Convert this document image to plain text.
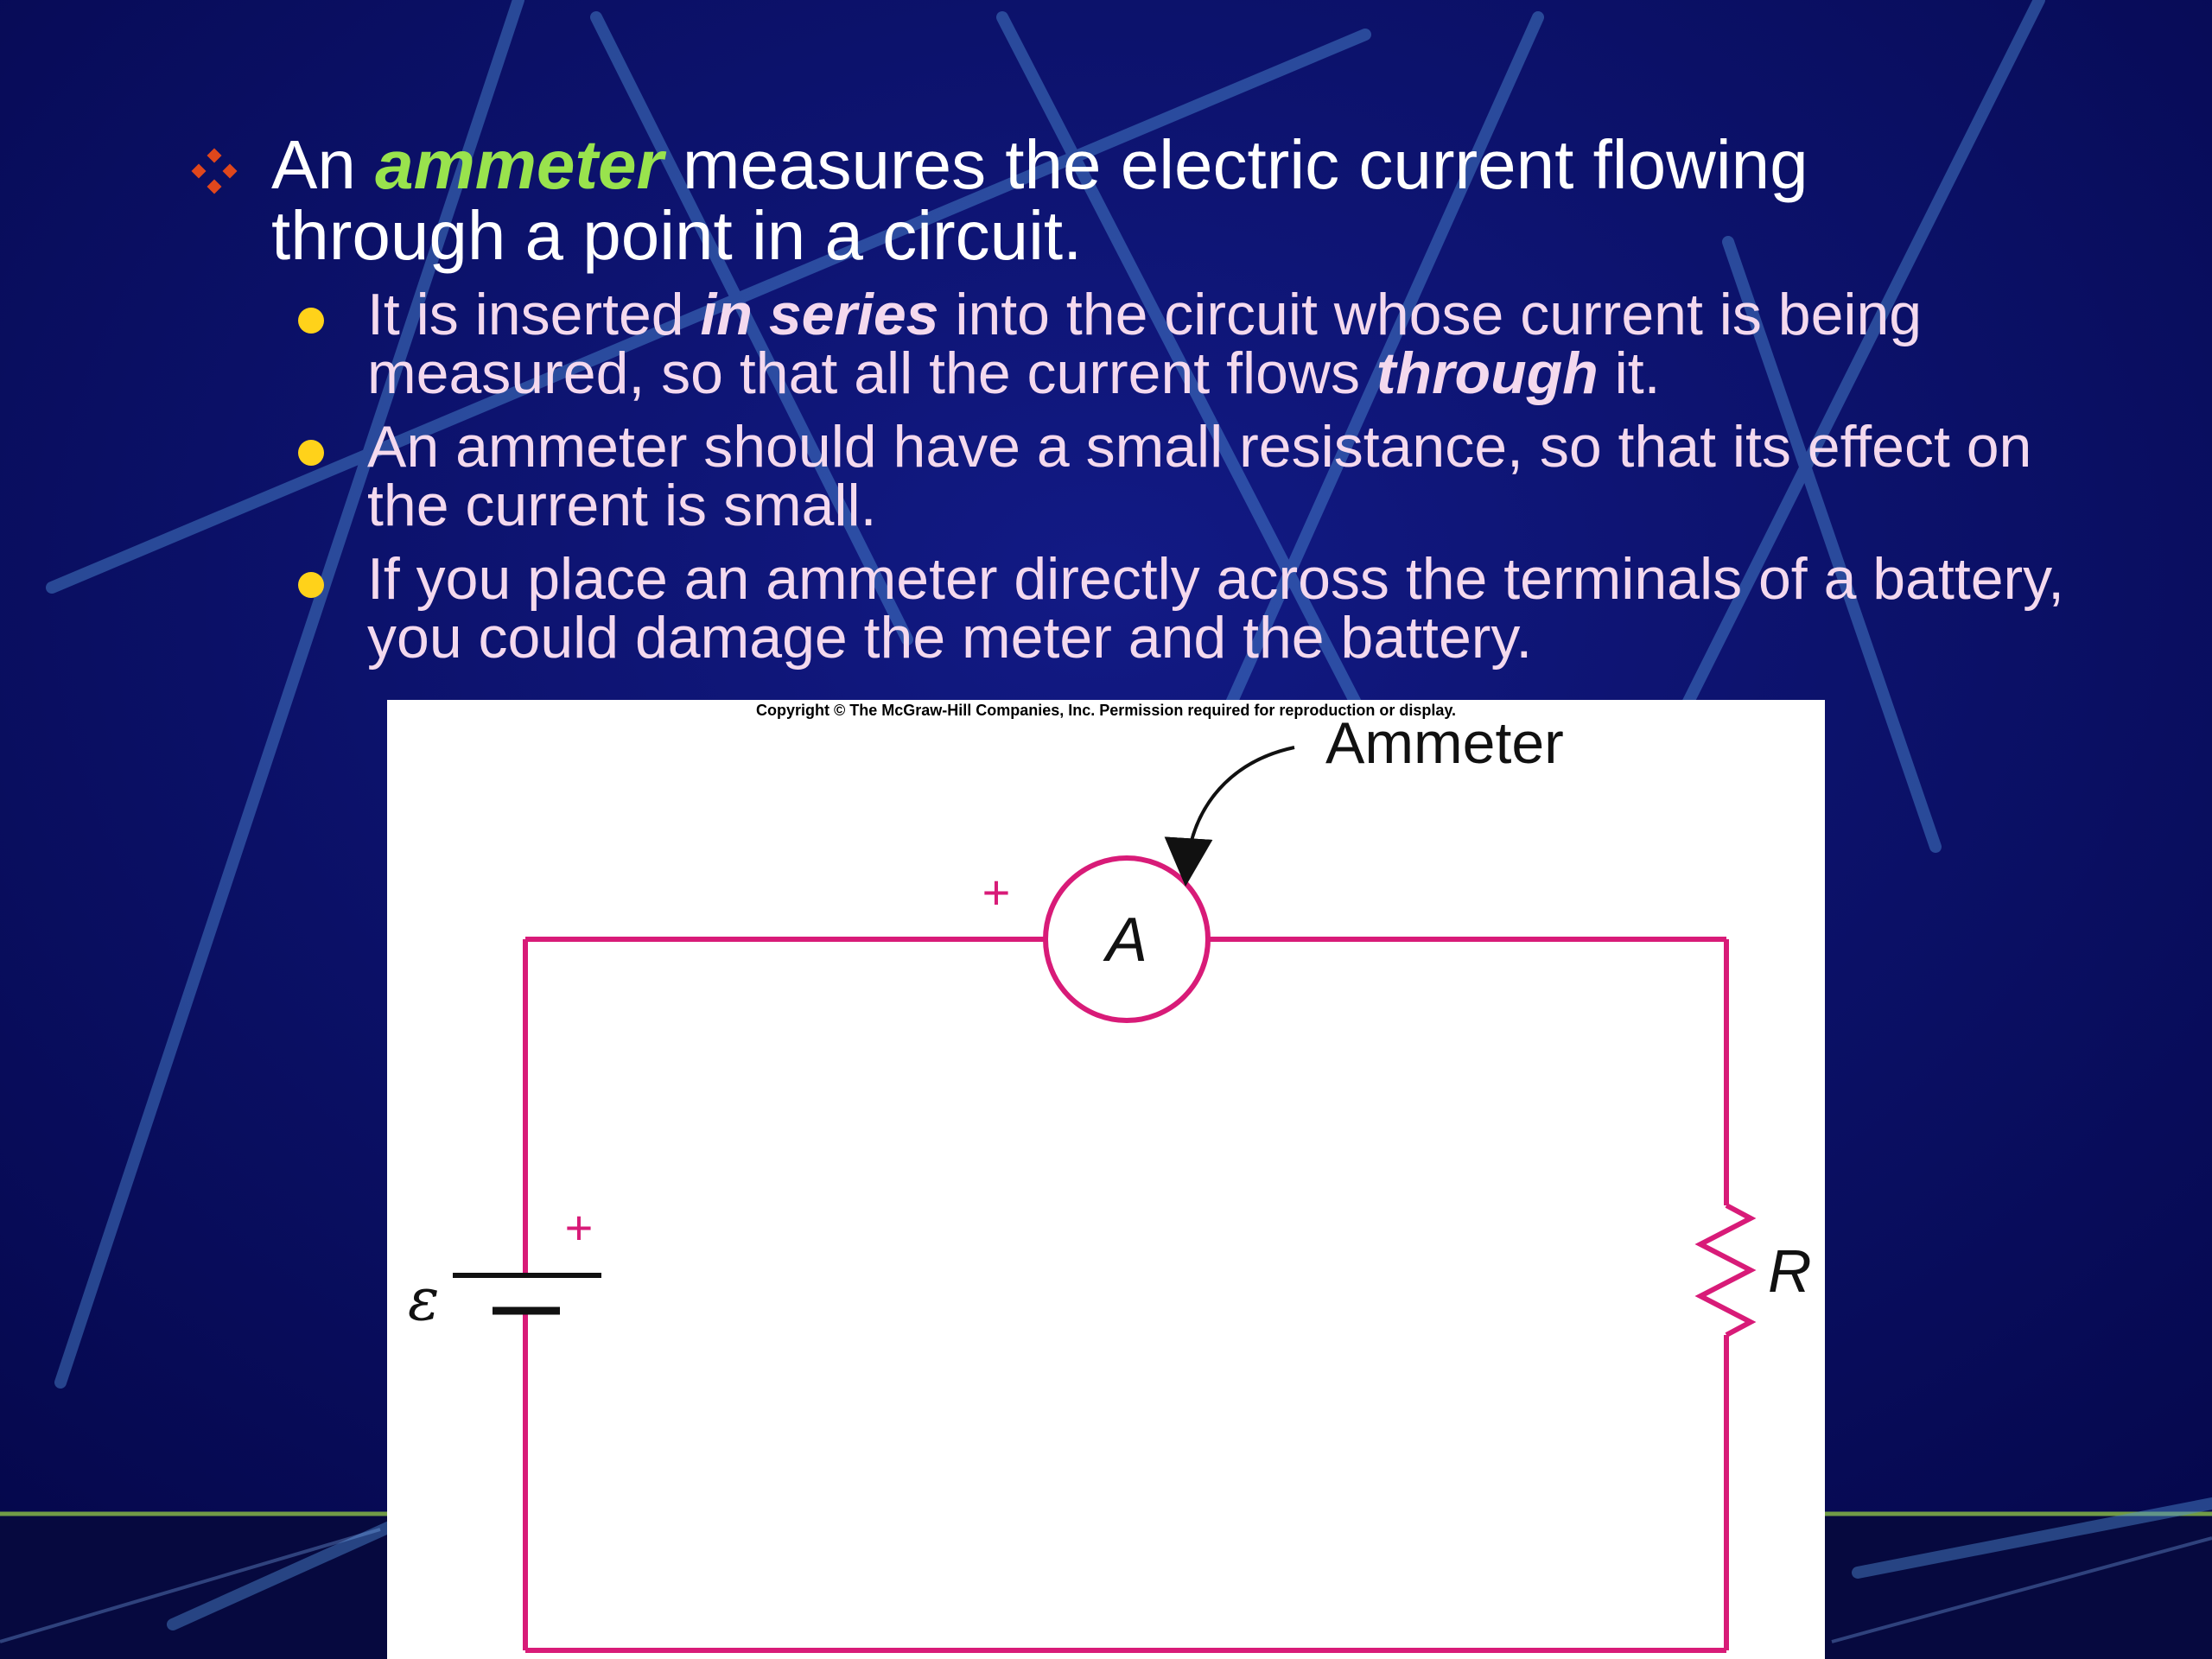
An ammeter measures the electric current flowing through a point in a circuit.

It is inserted in series into the circuit whose current is being measured, so that all the current flows through it.
An ammeter should have a small resistance, so that its effect on the current is small.
If you place an ammeter directly across the terminals of a battery, you could damage the meter and the battery.
Copyright © The McGraw-Hill Companies, Inc. Permission required for reproduction or display.
Ammeter
A
+
+
ε	R
